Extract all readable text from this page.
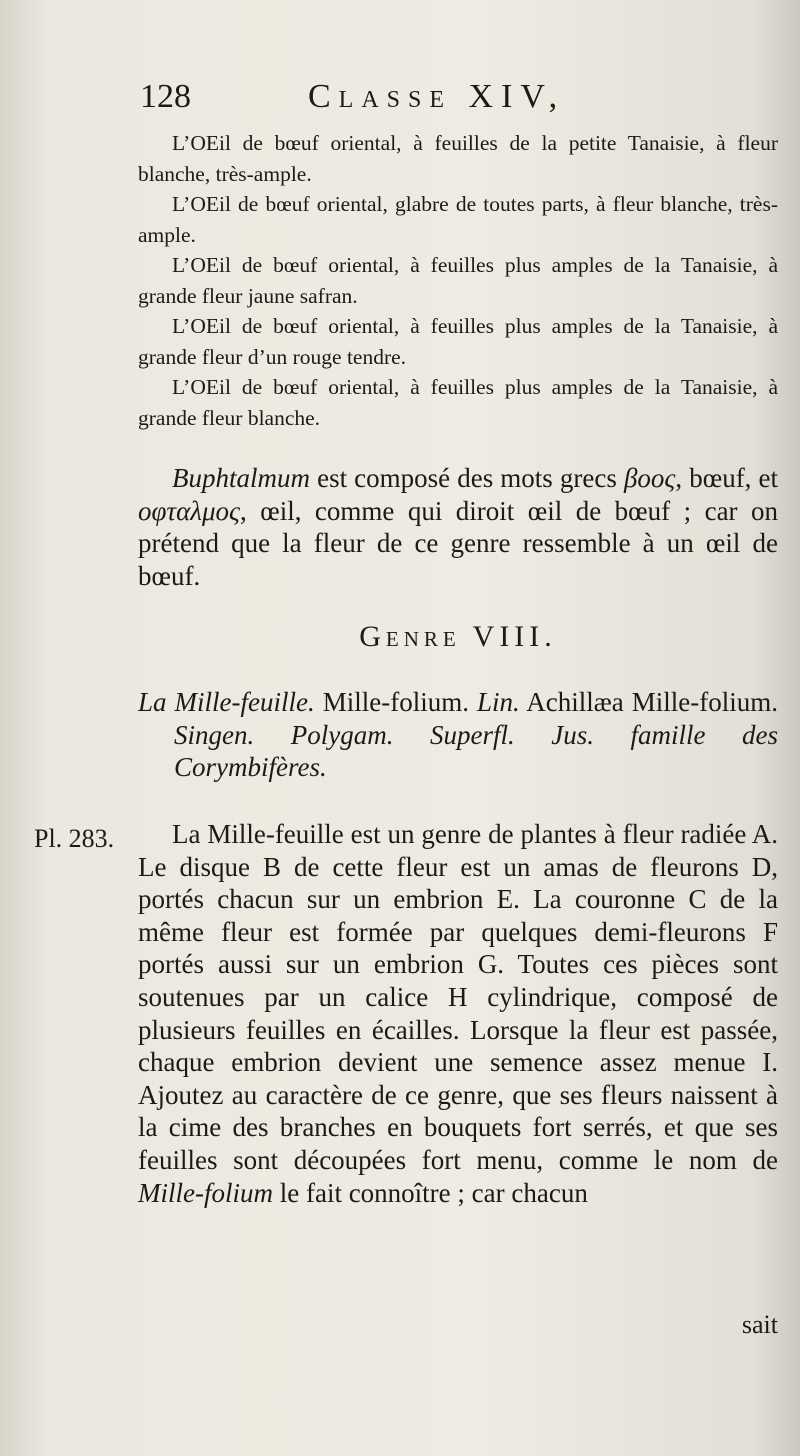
128	Classe XIV,

L’OEil de bœuf oriental, à feuilles de la petite Tanaisie, à fleur blanche, très-ample.

L’OEil de bœuf oriental, glabre de toutes parts, à fleur blanche, très-ample.

L’OEil de bœuf oriental, à feuilles plus amples de la Tanaisie, à grande fleur jaune safran.

L’OEil de bœuf oriental, à feuilles plus amples de la Tanaisie, à grande fleur d’un rouge tendre.

L’OEil de bœuf oriental, à feuilles plus amples de la Tanaisie, à grande fleur blanche.

Buphtalmum est composé des mots grecs βοος, bœuf, et οφταλμος, œil, comme qui diroit œil de bœuf ; car on prétend que la fleur de ce genre ressemble à un œil de bœuf.

Genre VIII.

La Mille-feuille. Mille-folium. Lin. Achillæa Mille-folium. Singen. Polygam. Superfl. Jus. famille des Corymbifères.

Pl. 283.	La Mille-feuille est un genre de plantes à fleur radiée A. Le disque B de cette fleur est un amas de fleurons D, portés chacun sur un embrion E. La couronne C de la même fleur est formée par quelques demi-fleurons F portés aussi sur un embrion G. Toutes ces pièces sont soutenues par un calice H cylindrique, composé de plusieurs feuilles en écailles. Lorsque la fleur est passée, chaque embrion devient une semence assez menue I. Ajoutez au caractère de ce genre, que ses fleurs naissent à la cime des branches en bouquets fort serrés, et que ses feuilles sont découpées fort menu, comme le nom de Mille-folium le fait connoître ; car chacun

sait
